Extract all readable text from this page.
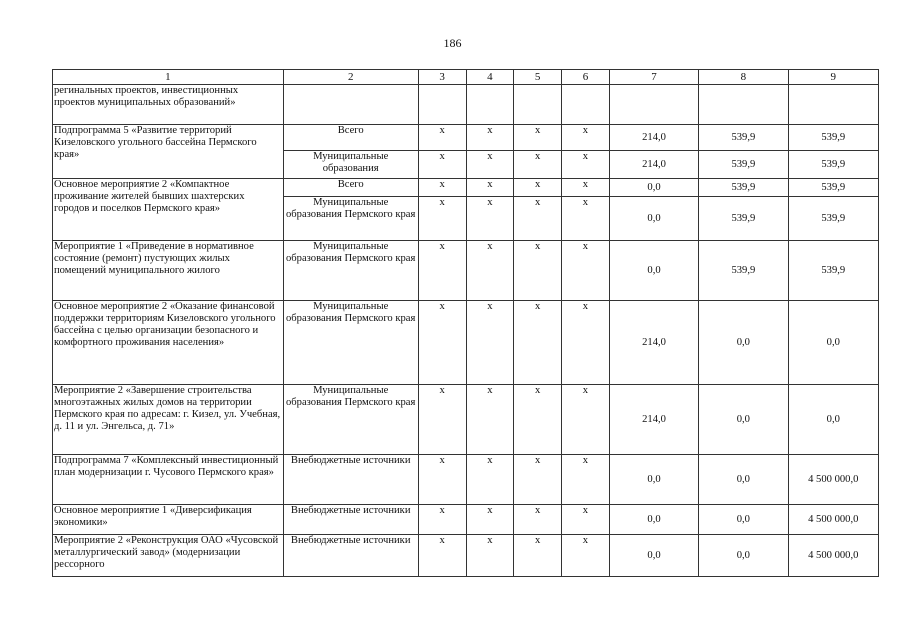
186
1	2	3	4	5	6	7	8	9
регинальных проектов, инвестиционных проектов муниципальных образований»								
Подпрограмма 5 «Развитие территорий Кизеловского угольного бассейна Пермского края»	Всего	х	х	х	х	214,0	539,9	539,9
	Муниципальные образования	х	х	х	х	214,0	539,9	539,9
Основное мероприятие 2 «Компактное проживание жителей бывших шахтерских городов и поселков Пермского края»	Всего	х	х	х	х	0,0	539,9	539,9
	Муниципальные образования Пермского края	х	х	х	х	0,0	539,9	539,9
Мероприятие 1 «Приведение в нормативное состояние (ремонт) пустующих жилых помещений муниципального жилого	Муниципальные образования Пермского края	х	х	х	х	0,0	539,9	539,9
Основное мероприятие 2 «Оказание финансовой поддержки территориям Кизеловского угольного бассейна с целью организации безопасного и комфортного проживания населения»	Муниципальные образования Пермского края	х	х	х	х	214,0	0,0	0,0
Мероприятие 2 «Завершение строительства многоэтажных жилых домов на территории Пермского края по адресам: г. Кизел, ул. Учебная, д. 11 и ул. Энгельса, д. 71»	Муниципальные образования Пермского края	х	х	х	х	214,0	0,0	0,0
Подпрограмма 7 «Комплексный инвестиционный план модернизации г. Чусового Пермского края»	Внебюджетные источники	х	х	х	х	0,0	0,0	4 500 000,0
Основное мероприятие 1 «Диверсификация экономики»	Внебюджетные источники	х	х	х	х	0,0	0,0	4 500 000,0
Мероприятие 2 «Реконструкция ОАО «Чусовской металлургический завод» (модернизации рессорного	Внебюджетные источники	х	х	х	х	0,0	0,0	4 500 000,0
